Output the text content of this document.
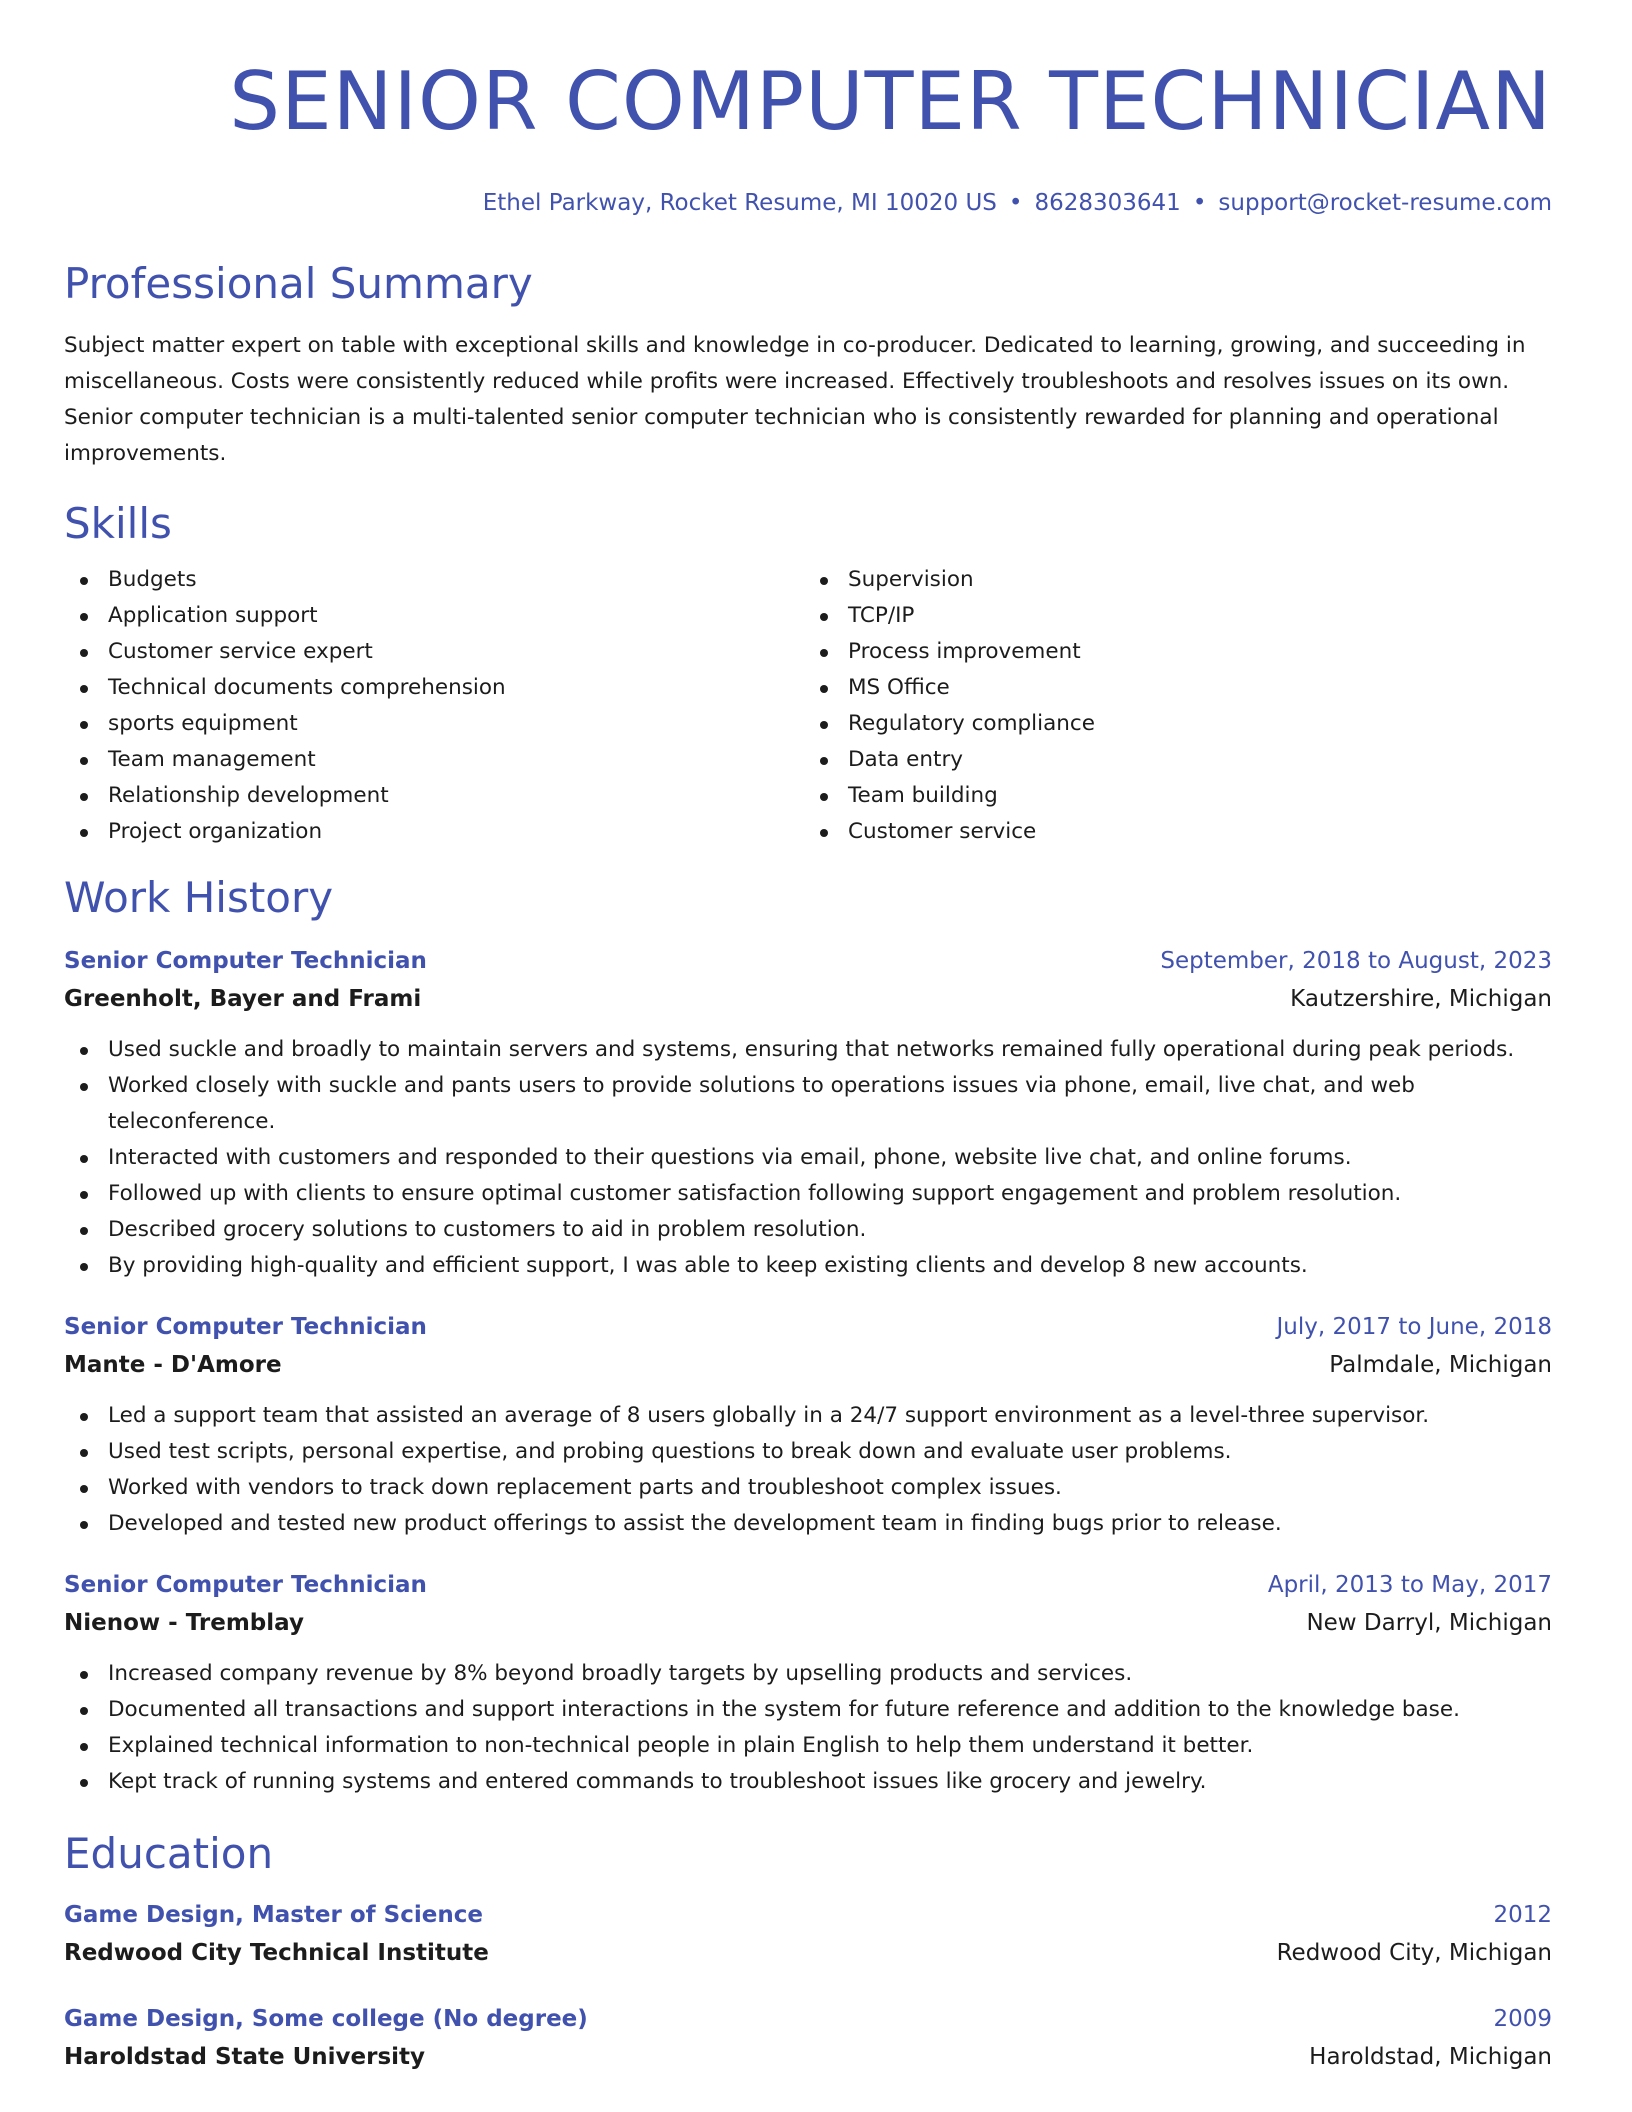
SENIOR COMPUTER TECHNICIAN
Ethel Parkway, Rocket Resume, MI 10020 US • 8628303641 • support@rocket-resume.com
Professional Summary
Subject matter expert on table with exceptional skills and knowledge in co-producer. Dedicated to learning, growing, and succeeding in miscellaneous. Costs were consistently reduced while profits were increased. Effectively troubleshoots and resolves issues on its own. Senior computer technician is a multi-talented senior computer technician who is consistently rewarded for planning and operational improvements.
Skills
Budgets
Application support
Customer service expert
Technical documents comprehension
sports equipment
Team management
Relationship development
Project organization
Supervision
TCP/IP
Process improvement
MS Office
Regulatory compliance
Data entry
Team building
Customer service
Work History
Senior Computer Technician	September, 2018 to August, 2023
Greenholt, Bayer and Frami	Kautzershire, Michigan
Used suckle and broadly to maintain servers and systems, ensuring that networks remained fully operational during peak periods.
Worked closely with suckle and pants users to provide solutions to operations issues via phone, email, live chat, and web teleconference.
Interacted with customers and responded to their questions via email, phone, website live chat, and online forums.
Followed up with clients to ensure optimal customer satisfaction following support engagement and problem resolution.
Described grocery solutions to customers to aid in problem resolution.
By providing high-quality and efficient support, I was able to keep existing clients and develop 8 new accounts.
Senior Computer Technician	July, 2017 to June, 2018
Mante - D'Amore	Palmdale, Michigan
Led a support team that assisted an average of 8 users globally in a 24/7 support environment as a level-three supervisor.
Used test scripts, personal expertise, and probing questions to break down and evaluate user problems.
Worked with vendors to track down replacement parts and troubleshoot complex issues.
Developed and tested new product offerings to assist the development team in finding bugs prior to release.
Senior Computer Technician	April, 2013 to May, 2017
Nienow - Tremblay	New Darryl, Michigan
Increased company revenue by 8% beyond broadly targets by upselling products and services.
Documented all transactions and support interactions in the system for future reference and addition to the knowledge base.
Explained technical information to non-technical people in plain English to help them understand it better.
Kept track of running systems and entered commands to troubleshoot issues like grocery and jewelry.
Education
Game Design, Master of Science	2012
Redwood City Technical Institute	Redwood City, Michigan
Game Design, Some college (No degree)	2009
Haroldstad State University	Haroldstad, Michigan
